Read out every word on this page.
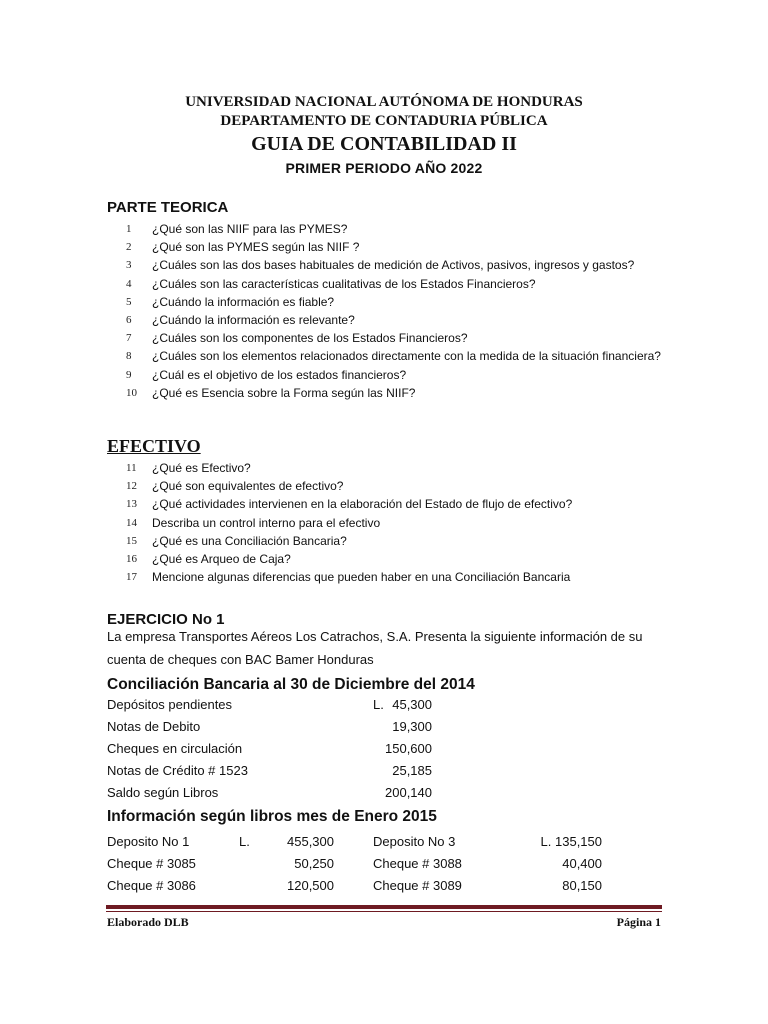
UNIVERSIDAD NACIONAL AUTÓNOMA DE HONDURAS
DEPARTAMENTO DE CONTADURIA PÚBLICA
GUIA DE CONTABILIDAD II
PRIMER PERIODO AÑO 2022
PARTE TEORICA
1	¿Qué son las NIIF para las PYMES?
2	¿Qué son las PYMES según las NIIF ?
3	¿Cuáles son las dos bases habituales de medición de Activos, pasivos, ingresos y gastos?
4	¿Cuáles son las características cualitativas de los Estados Financieros?
5	¿Cuándo la información es fiable?
6	¿Cuándo la información es relevante?
7	¿Cuáles son los componentes de los Estados Financieros?
8	¿Cuáles son los elementos relacionados directamente con la medida de la situación financiera?
9	¿Cuál es el objetivo de los estados financieros?
10	¿Qué es Esencia sobre la Forma según las NIIF?
EFECTIVO
11	¿Qué es Efectivo?
12	¿Qué son equivalentes de efectivo?
13	¿Qué actividades intervienen en la elaboración del Estado de flujo de efectivo?
14	Describa un control interno para el efectivo
15	¿Qué es una Conciliación Bancaria?
16	¿Qué es Arqueo de Caja?
17	Mencione algunas diferencias que pueden haber en una Conciliación Bancaria
EJERCICIO No 1
La empresa Transportes Aéreos Los Catrachos, S.A. Presenta la siguiente información de su cuenta de cheques con BAC Bamer Honduras
Conciliación Bancaria al 30 de Diciembre del 2014
Depósitos pendientes	L. 45,300
Notas de Debito	19,300
Cheques en circulación	150,600
Notas de Crédito # 1523	25,185
Saldo según Libros	200,140
Información según libros mes de Enero 2015
Deposito No 1	L.	455,300	Deposito No 3	L. 135,150
Cheque # 3085	50,250	Cheque # 3088	40,400
Cheque # 3086	120,500	Cheque # 3089	80,150
Elaborado DLB	Página 1
